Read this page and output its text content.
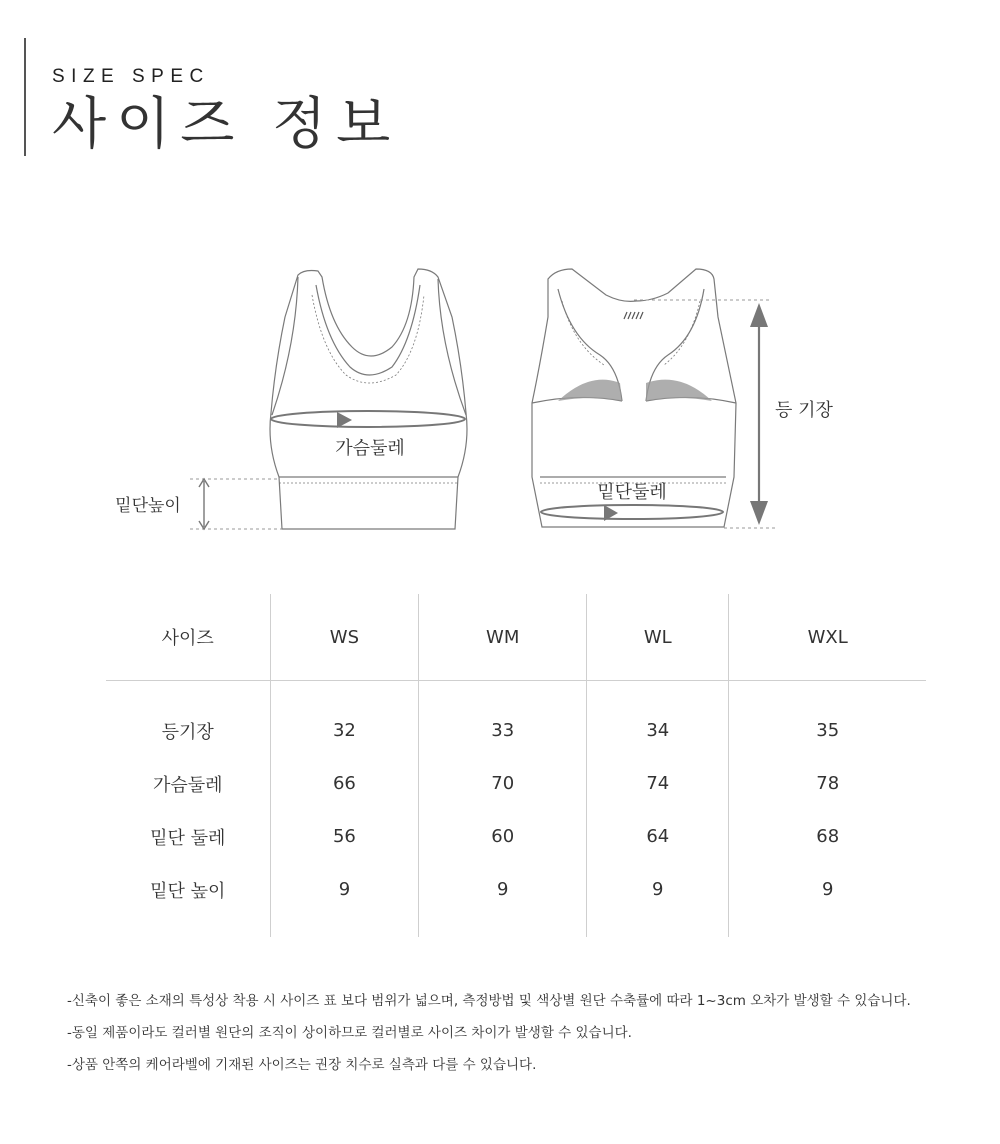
SIZE SPEC
사이즈 정보
가슴둘레
밑단높이
등 기장
밑단둘레
사이즈	WS	WM	WL	WXL
등기장	32	33	34	35
가슴둘레	66	70	74	78
밑단 둘레	56	60	64	68
밑단 높이	9	9	9	9

-신축이 좋은 소재의 특성상 착용 시 사이즈 표 보다 범위가 넓으며, 측정방법 및 색상별 원단 수축률에 따라 1~3cm 오차가 발생할 수 있습니다.

-동일 제품이라도 컬러별 원단의 조직이 상이하므로 컬러별로 사이즈 차이가 발생할 수 있습니다.

-상품 안쪽의 케어라벨에 기재된 사이즈는 권장 치수로 실측과 다를 수 있습니다.
